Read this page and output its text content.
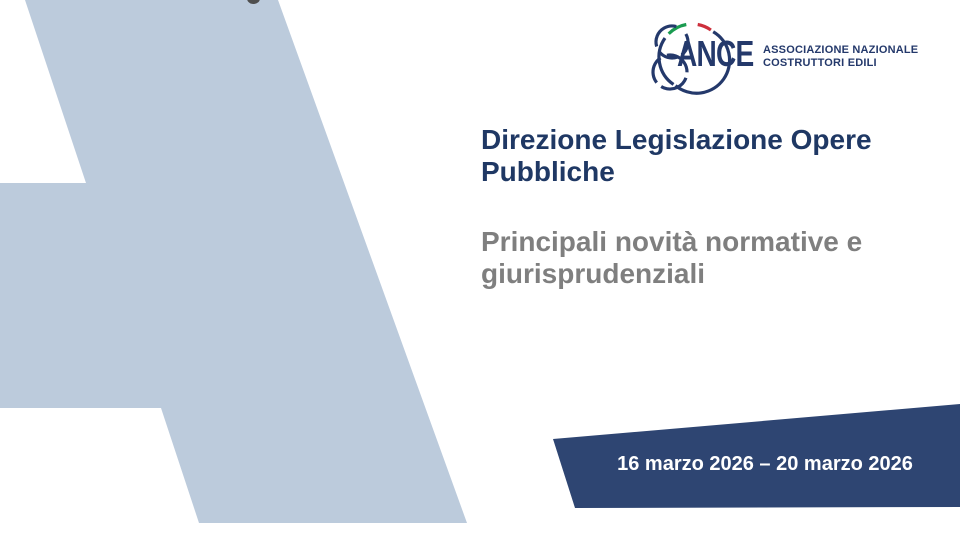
ANCE ASSOCIAZIONE NAZIONALE
COSTRUTTORI EDILI
Direzione Legislazione Opere
Pubbliche
Principali novità normative e
giurisprudenziali
16 marzo 2026 – 20 marzo 2026
